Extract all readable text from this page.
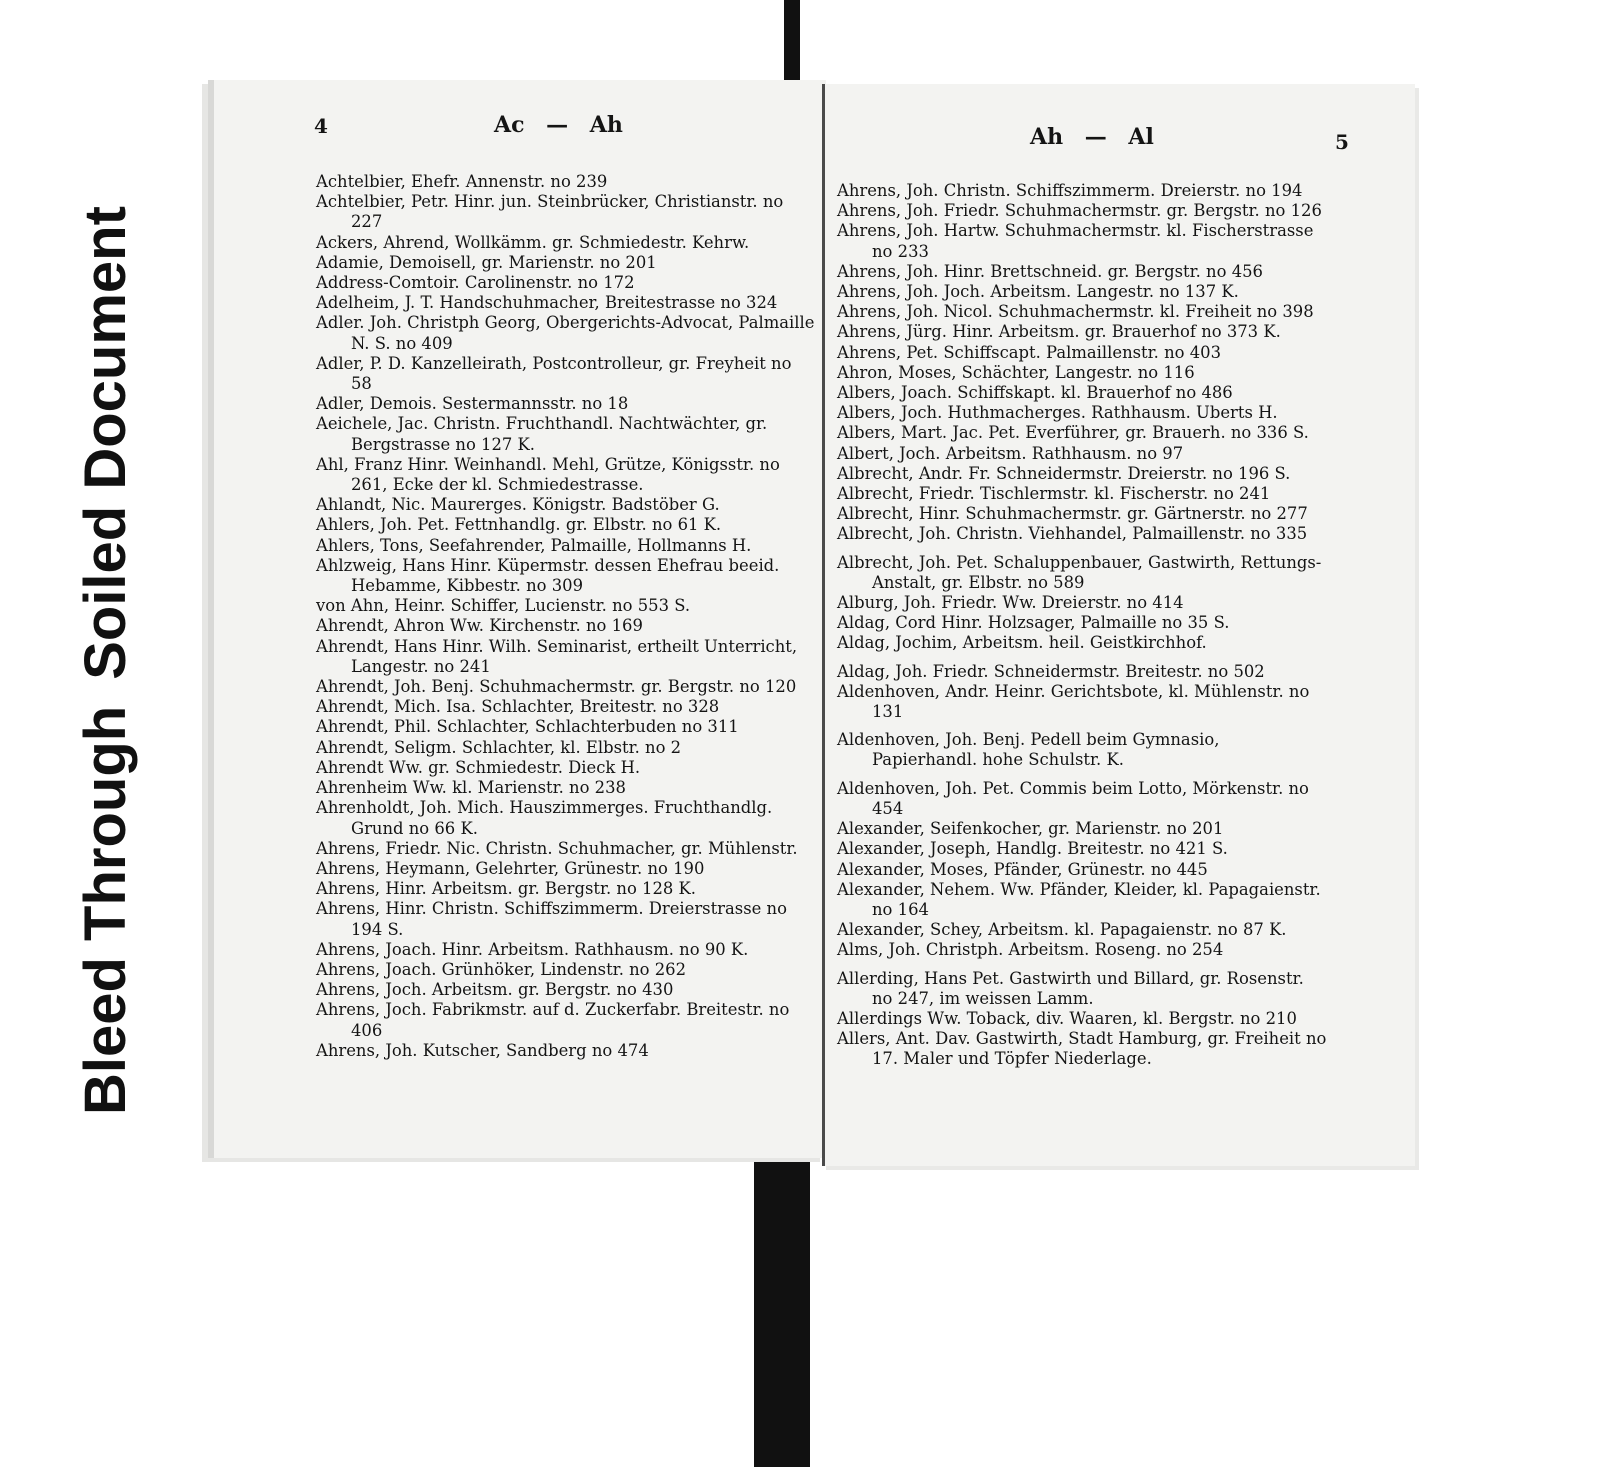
Bleed Through
Soiled Document
4	Ac — Ah
Achtelbier, Ehefr. Annenstr. no 239
Achtelbier, Petr. Hinr. jun. Steinbrücker, Christianstr. no 227
Ackers, Ahrend, Wollkämm. gr. Schmiedestr. Kehrw.
Adamie, Demoisell, gr. Marienstr. no 201
Address-Comtoir. Carolinenstr. no 172
Adelheim, J. T. Handschuhmacher, Breitestrasse no 324
Adler. Joh. Christph Georg, Obergerichts-Advocat, Palmaille N. S. no 409
Adler, P. D. Kanzelleirath, Postcontrolleur, gr. Freyheit no 58
Adler, Demois. Sestermannsstr. no 18
Aeichele, Jac. Christn. Fruchthandl. Nachtwächter, gr. Bergstrasse no 127 K.
Ahl, Franz Hinr. Weinhandl. Mehl, Grütze, Königsstr. no 261, Ecke der kl. Schmiedestrasse.
Ahlandt, Nic. Maurerges. Königstr. Badstöber G.
Ahlers, Joh. Pet. Fettnhandlg. gr. Elbstr. no 61 K.
Ahlers, Tons, Seefahrender, Palmaille, Hollmanns H.
Ahlzweig, Hans Hinr. Küpermstr. dessen Ehefrau beeid. Hebamme, Kibbestr. no 309
von Ahn, Heinr. Schiffer, Lucienstr. no 553 S.
Ahrendt, Ahron Ww. Kirchenstr. no 169
Ahrendt, Hans Hinr. Wilh. Seminarist, ertheilt Unterricht, Langestr. no 241
Ahrendt, Joh. Benj. Schuhmachermstr. gr. Bergstr. no 120
Ahrendt, Mich. Isa. Schlachter, Breitestr. no 328
Ahrendt, Phil. Schlachter, Schlachterbuden no 311
Ahrendt, Seligm. Schlachter, kl. Elbstr. no 2
Ahrendt Ww. gr. Schmiedestr. Dieck H.
Ahrenheim Ww. kl. Marienstr. no 238
Ahrenholdt, Joh. Mich. Hauszimmerges. Fruchthandlg. Grund no 66 K.
Ahrens, Friedr. Nic. Christn. Schuhmacher, gr. Mühlenstr.
Ahrens, Heymann, Gelehrter, Grünestr. no 190
Ahrens, Hinr. Arbeitsm. gr. Bergstr. no 128 K.
Ahrens, Hinr. Christn. Schiffszimmerm. Dreierstrasse no 194 S.
Ahrens, Joach. Hinr. Arbeitsm. Rathhausm. no 90 K.
Ahrens, Joach. Grünhöker, Lindenstr. no 262
Ahrens, Joch. Arbeitsm. gr. Bergstr. no 430
Ahrens, Joch. Fabrikmstr. auf d. Zuckerfabr. Breitestr. no 406
Ahrens, Joh. Kutscher, Sandberg no 474
Ah — Al	5
Ahrens, Joh. Christn. Schiffszimmerm. Dreierstr. no 194
Ahrens, Joh. Friedr. Schuhmachermstr. gr. Bergstr. no 126
Ahrens, Joh. Hartw. Schuhmachermstr. kl. Fischerstrasse no 233
Ahrens, Joh. Hinr. Brettschneid. gr. Bergstr. no 456
Ahrens, Joh. Joch. Arbeitsm. Langestr. no 137 K.
Ahrens, Joh. Nicol. Schuhmachermstr. kl. Freiheit no 398
Ahrens, Jürg. Hinr. Arbeitsm. gr. Brauerhof no 373 K.
Ahrens, Pet. Schiffscapt. Palmaillenstr. no 403
Ahron, Moses, Schächter, Langestr. no 116
Albers, Joach. Schiffskapt. kl. Brauerhof no 486
Albers, Joch. Huthmacherges. Rathhausm. Uberts H.
Albers, Mart. Jac. Pet. Everführer, gr. Brauerh. no 336 S.
Albert, Joch. Arbeitsm. Rathhausm. no 97
Albrecht, Andr. Fr. Schneidermstr. Dreierstr. no 196 S.
Albrecht, Friedr. Tischlermstr. kl. Fischerstr. no 241
Albrecht, Hinr. Schuhmachermstr. gr. Gärtnerstr. no 277
Albrecht, Joh. Christn. Viehhandel, Palmaillenstr. no 335
Albrecht, Joh. Pet. Schaluppenbauer, Gastwirth, Rettungs-Anstalt, gr. Elbstr. no 589
Alburg, Joh. Friedr. Ww. Dreierstr. no 414
Aldag, Cord Hinr. Holzsager, Palmaille no 35 S.
Aldag, Jochim, Arbeitsm. heil. Geistkirchhof.
Aldag, Joh. Friedr. Schneidermstr. Breitestr. no 502
Aldenhoven, Andr. Heinr. Gerichtsbote, kl. Mühlenstr. no 131
Aldenhoven, Joh. Benj. Pedell beim Gymnasio, Papierhandl. hohe Schulstr. K.
Aldenhoven, Joh. Pet. Commis beim Lotto, Mörkenstr. no 454
Alexander, Seifenkocher, gr. Marienstr. no 201
Alexander, Joseph, Handlg. Breitestr. no 421 S.
Alexander, Moses, Pfänder, Grünestr. no 445
Alexander, Nehem. Ww. Pfänder, Kleider, kl. Papagaienstr. no 164
Alexander, Schey, Arbeitsm. kl. Papagaienstr. no 87 K.
Alms, Joh. Christph. Arbeitsm. Roseng. no 254
Allerding, Hans Pet. Gastwirth und Billard, gr. Rosenstr. no 247, im weissen Lamm.
Allerdings Ww. Toback, div. Waaren, kl. Bergstr. no 210
Allers, Ant. Dav. Gastwirth, Stadt Hamburg, gr. Freiheit no 17. Maler und Töpfer Niederlage.
